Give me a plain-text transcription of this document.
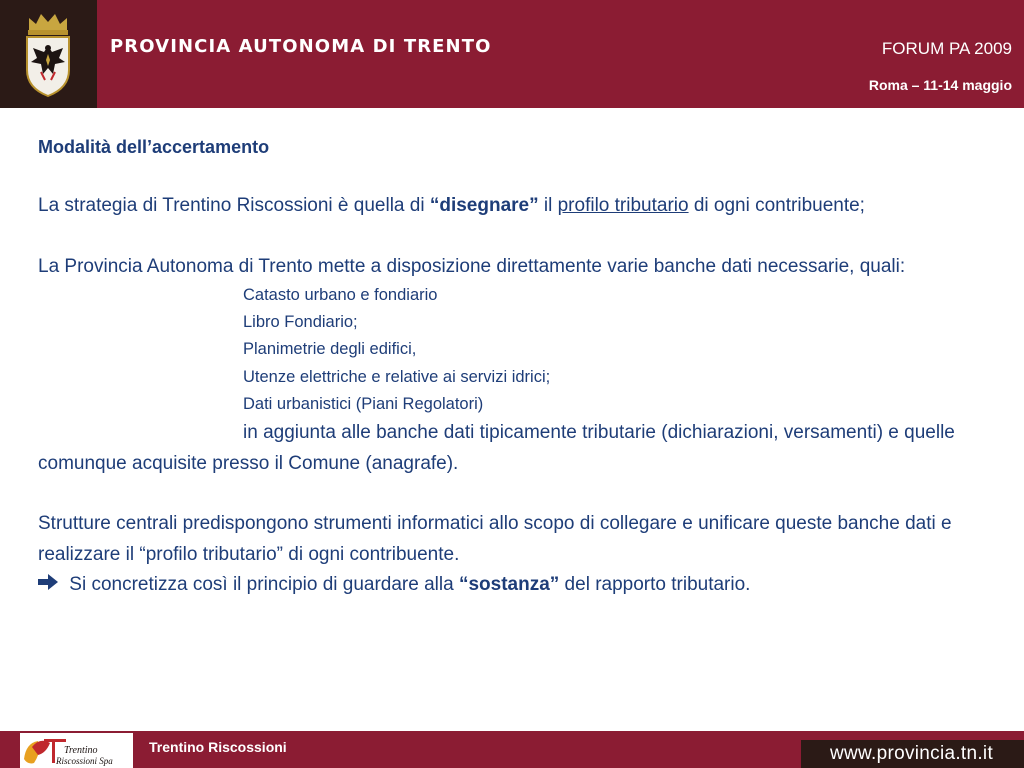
PROVINCIA AUTONOMA DI TRENTO	FORUM PA 2009
Roma – 11-14 maggio

Modalità dell’accertamento

La strategia di Trentino Riscossioni è quella di “disegnare” il profilo tributario di ogni contribuente;

La Provincia Autonoma di Trento mette a disposizione direttamente varie banche dati necessarie, quali:

Catasto urbano e fondiario
Libro Fondiario;
Planimetrie degli edifici,
Utenze elettriche e relative ai servizi idrici;
Dati urbanistici (Piani Regolatori)

in aggiunta alle banche dati tipicamente tributarie (dichiarazioni, versamenti) e quelle comunque acquisite presso il Comune (anagrafe).

Strutture centrali predispongono strumenti informatici allo scopo di collegare e unificare queste banche dati e realizzare il “profilo tributario” di ogni contribuente.

Si concretizza così il principio di guardare alla “sostanza” del rapporto tributario.

Trentino
Riscossioni Spa
Trentino Riscossioni	www.provincia.tn.it
